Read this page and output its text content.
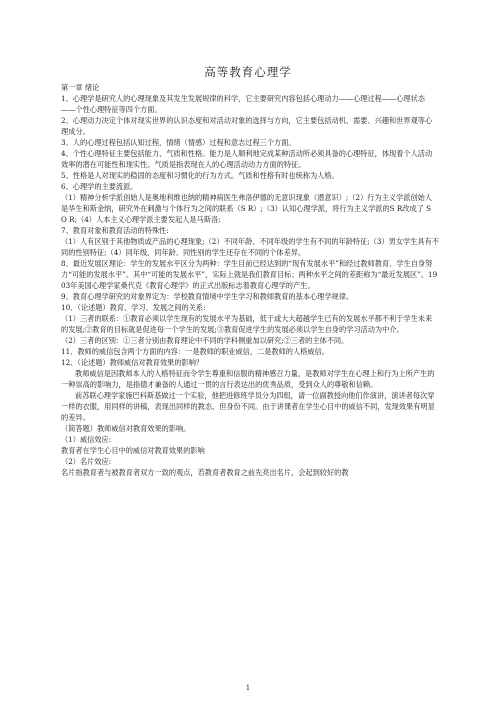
高等教育心理学

第一章 绪论

1、心理学是研究人的心理现象及其发生发展规律的科学，它主要研究内容包括心理动力——心理过程——心理状态——个性心理特征等四个方面。

2、心理动力决定个体对现实世界的认识态度和对活动对象的选择与方向，它主要包括动机、需要、兴趣和世界观等心理成分。

3、人的心理过程包括认知过程、情绪（情感）过程和意志过程三个方面。

4、个性心理特征主要包括能力、气质和性格。能力是人顺利地完成某种活动所必须具备的心理特征，体现着个人活动效率的潜在可能性和现实性。气质是指表现在人的心理活动动力方面的特征。

5、性格是人对现实的稳固的态度和习惯化的行为方式。气质和性格有时也统称为人格。

6、心理学的主要流派。

（1）精神分析学派创始人是奥地利维也纳的精神病医生弗洛伊德的无意识现象（潜意识）;（2）行为主义学派创始人是华生和斯金纳，研究外在刺激与个体行为之间的联系（S R）;（3）认知心理学派，将行为主义学派的S R改成了 S O R;（4）人本主义心理学派主要发起人是马斯洛;

7、教育对象和教育活动的特殊性:

（1）人有区别于其他物质或产品的心理现象;（2）不同年龄、不同年级的学生有不同的年龄特征;（3）男女学生具有不同的性别特征;（4）同年级、同年龄、同性别的学生还存在不同的个体差异。

8、最近发展区理论：学生的发展水平区分为两种：学生目前已经达到的“现有发展水平”和经过教师教育、学生自身努力“可能的发展水平”。其中“可能的发展水平”，实际上就是我们教育目标；两种水平之间的差距称为“最近发展区”。1903年美国心理学家桑代克《教育心理学》的正式出版标志着教育心理学的产生。

9、教育心理学研究的对象界定为：学校教育情境中学生学习和教师教育的基本心理学规律。

10、（论述题）教育、学习、发展之间的关系:

（1）三者的联系：①教育必须以学生现有的发展水平为基础，低于或大大超越学生已有的发展水平都不利于学生未来的发展;②教育的目标就是促进每一个学生的发展;③教育促进学生的发展必须以学生自身的学习活动为中介。

（2）三者的区别：①三者分别由教育理论中不同的学科侧重加以研究;②三者的主体不同。

11、教师的威信包含两个方面的内容：一是教师的职业威信，二是教师的人格威信。

12、（论述题）教师威信对教育效果的影响？

教师威信是因教师本人的人格特征而令学生尊重和信服的精神感召力量，是教师对学生在心理上和行为上所产生的一种崇高的影响力，是指德才兼备的人通过一贯的言行表达出的优秀品质，受到众人的尊敬和信赖。

前苏联心理学家施巴科斯基做过一个实验，他把进修班学员分为四组，请一位副教授向他们作演讲，演讲者每次穿一样的衣服，用同样的讲稿，表现出同样的教态，但身份不同。由于讲课者在学生心目中的威信不同，发现效果有明显的差异。

（简答题）教师威信对教育效果的影响。

（1）威信效应:

教育者在学生心目中的威信对教育效果的影响

（2）名片效应:

名片指教育者与被教育者双方一致的观点，若教育者教育之前先亮出名片，会起到较好的教

1
